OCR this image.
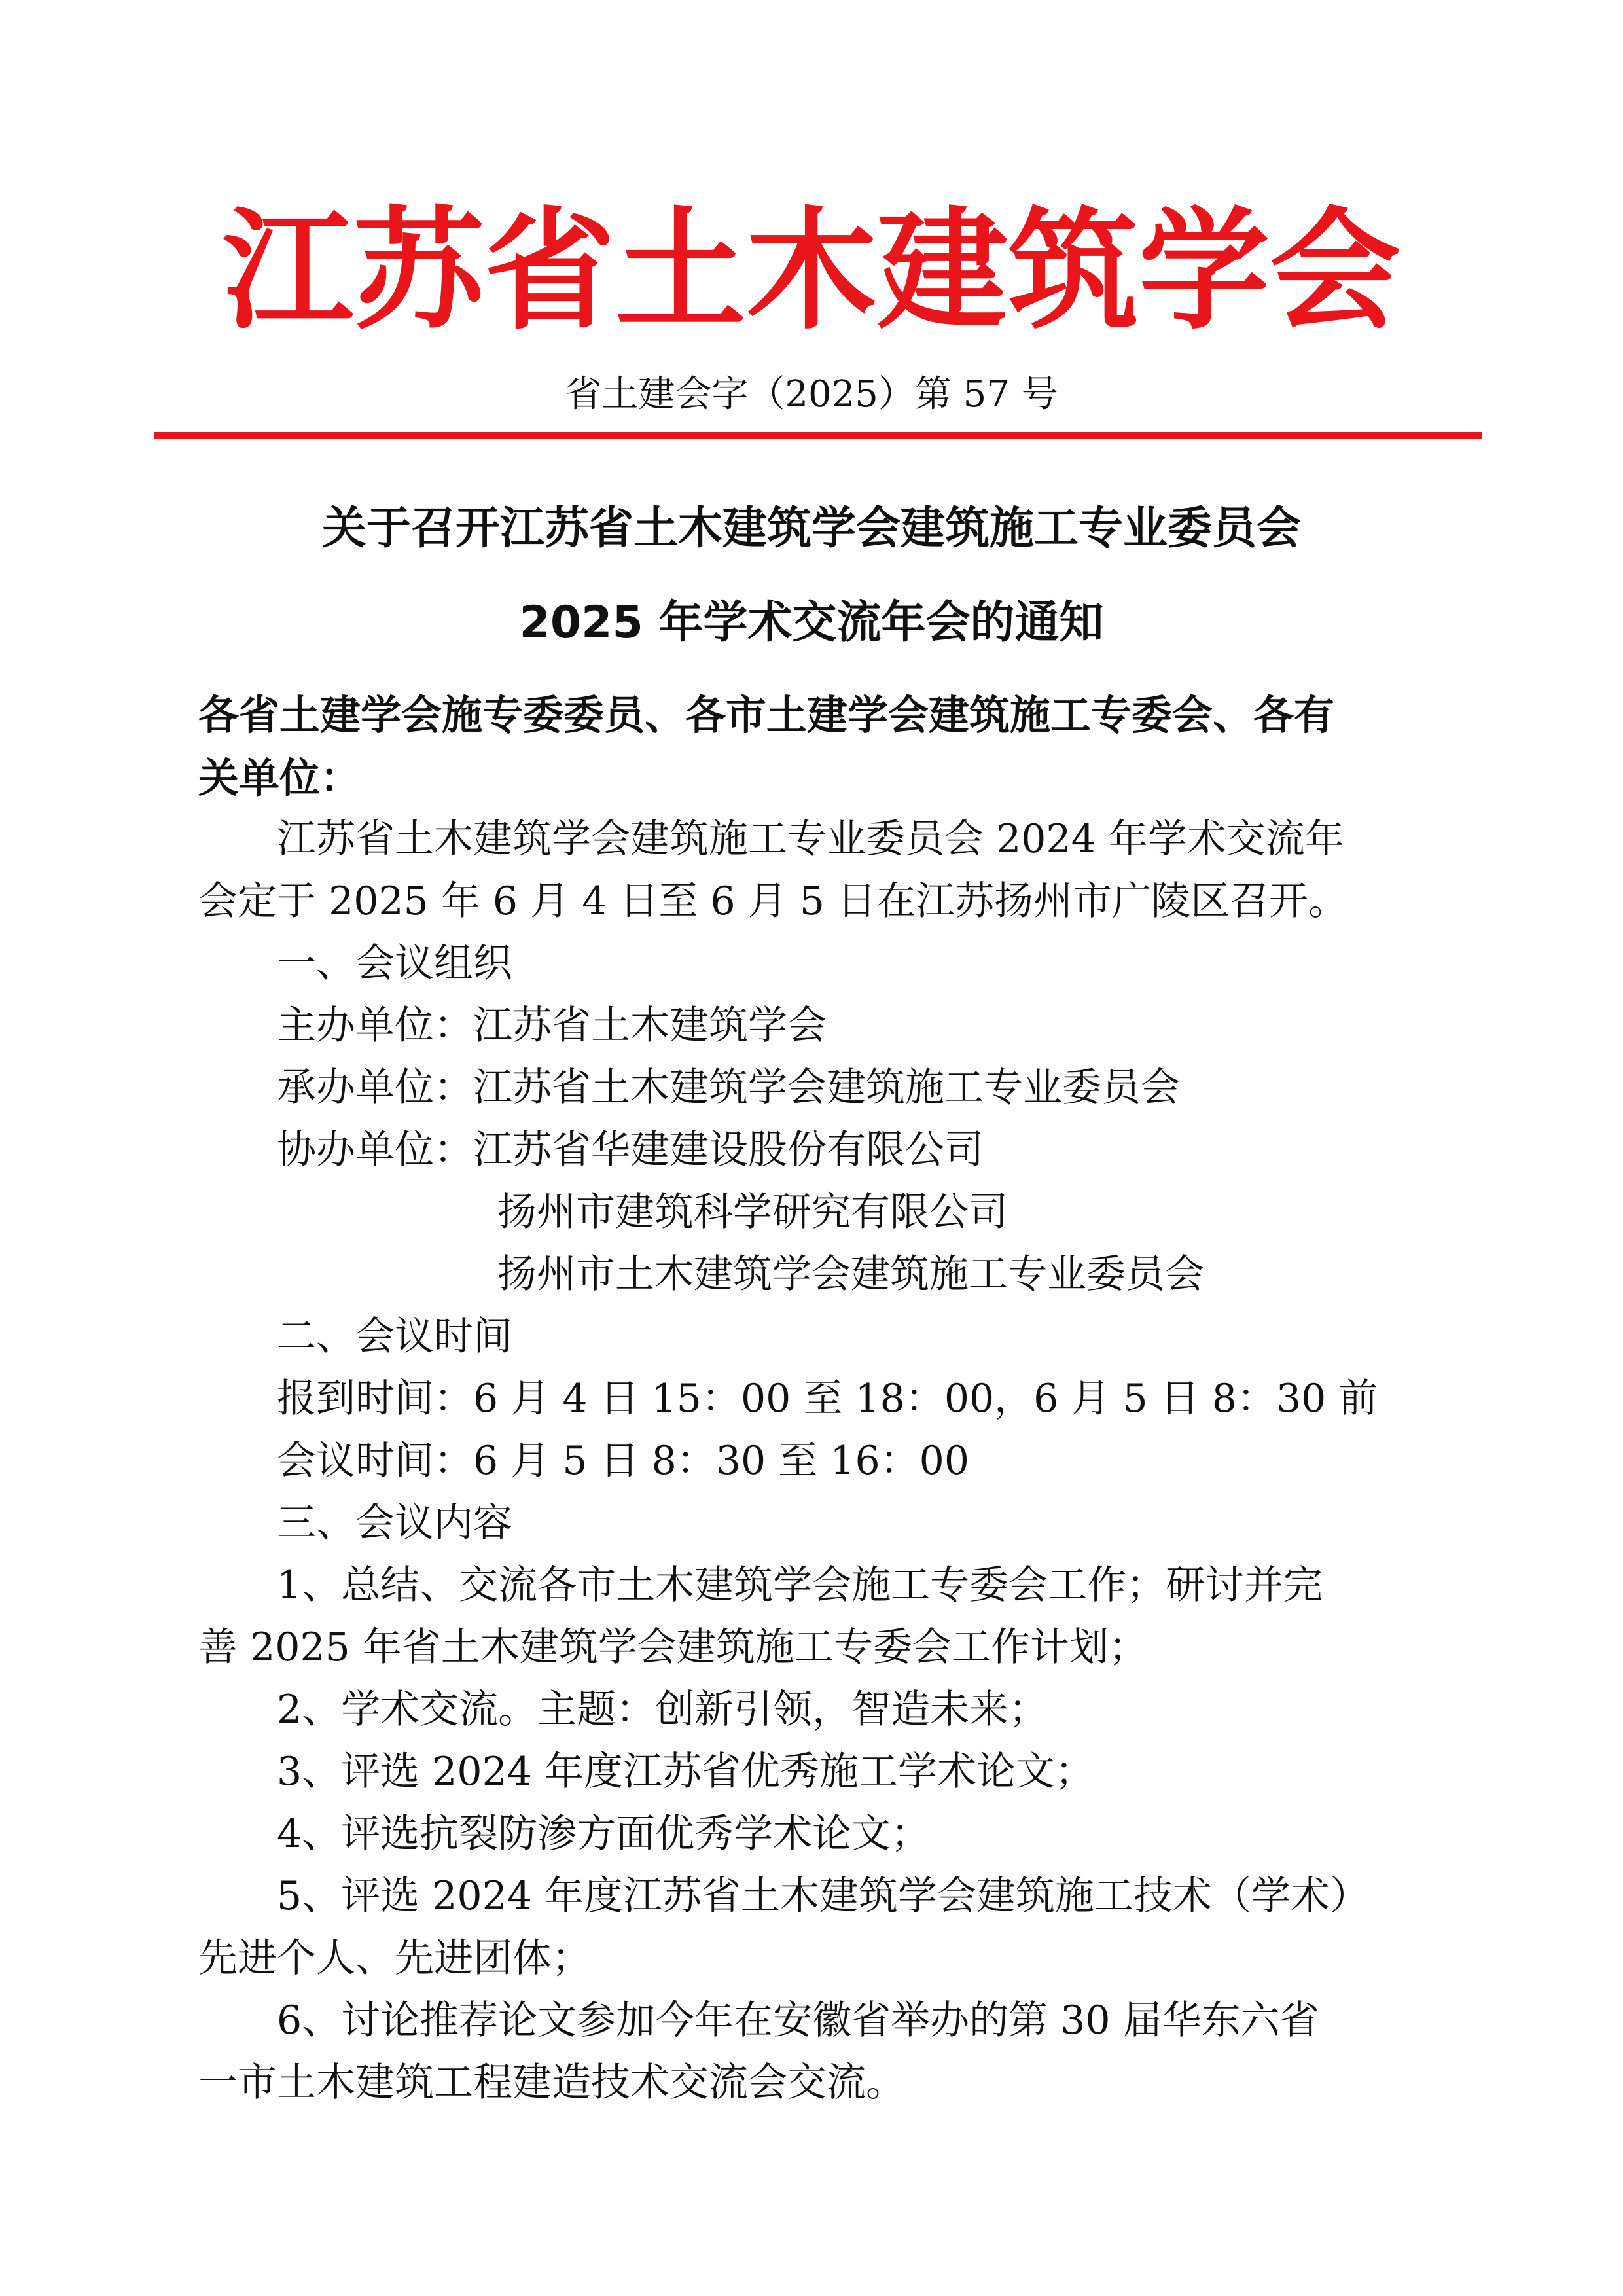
江苏省土木建筑学会
省土建会字（2025）第 57 号
关于召开江苏省土木建筑学会建筑施工专业委员会
2025 年学术交流年会的通知
各省土建学会施专委委员、各市土建学会建筑施工专委会、各有
关单位：
江苏省土木建筑学会建筑施工专业委员会 2024 年学术交流年
会定于 2025 年 6 月 4 日至 6 月 5 日在江苏扬州市广陵区召开。
一、会议组织
主办单位：江苏省土木建筑学会
承办单位：江苏省土木建筑学会建筑施工专业委员会
协办单位：江苏省华建建设股份有限公司
扬州市建筑科学研究有限公司
扬州市土木建筑学会建筑施工专业委员会
二、会议时间
报到时间：6 月 4 日 15：00 至 18：00，6 月 5 日 8：30 前
会议时间：6 月 5 日 8：30 至 16：00
三、会议内容
1、总结、交流各市土木建筑学会施工专委会工作；研讨并完
善 2025 年省土木建筑学会建筑施工专委会工作计划；
2、学术交流。主题：创新引领，智造未来；
3、评选 2024 年度江苏省优秀施工学术论文；
4、评选抗裂防渗方面优秀学术论文；
5、评选 2024 年度江苏省土木建筑学会建筑施工技术（学术）
先进个人、先进团体；
6、讨论推荐论文参加今年在安徽省举办的第 30 届华东六省
一市土木建筑工程建造技术交流会交流。
